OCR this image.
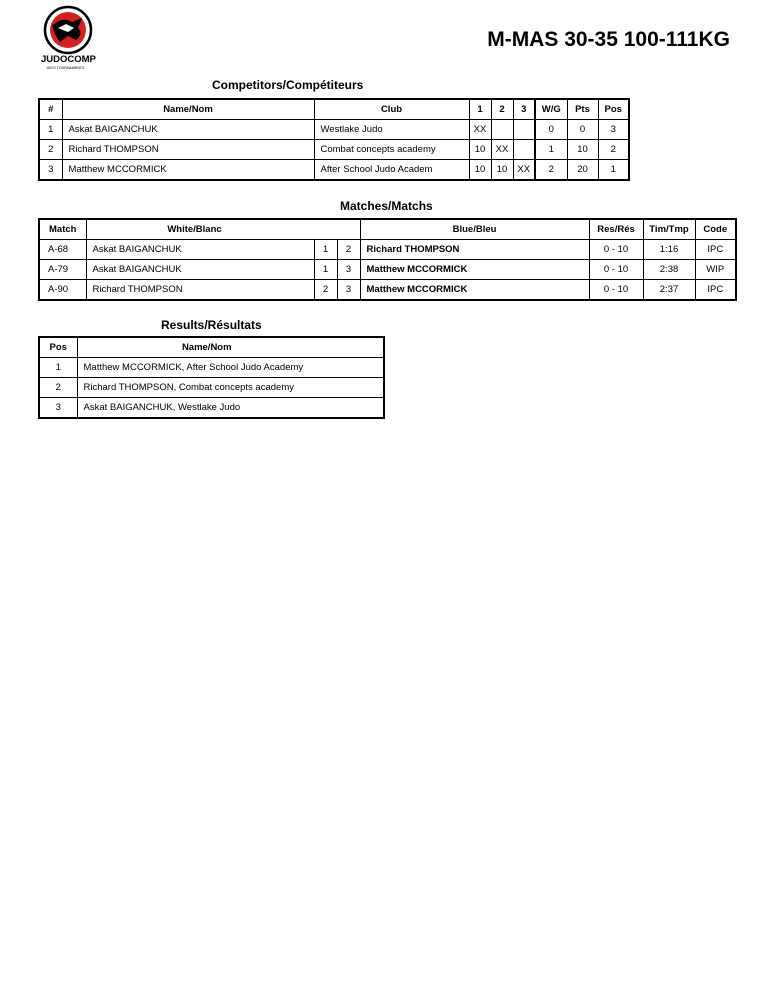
JUDOCOMP
JUDO TOURNAMENTS
M-MAS 30-35 100-111KG
Competitors/Compétiteurs
#	Name/Nom	Club	1	2	3	W/G	Pts	Pos
1	Askat BAIGANCHUK	Westlake Judo	XX			0	0	3
2	Richard THOMPSON	Combat concepts academy	10	XX		1	10	2
3	Matthew MCCORMICK	After School Judo Academ	10	10	XX	2	20	1
Matches/Matchs
Match	White/Blanc			Blue/Bleu	Res/Rés	Tim/Tmp	Code
A-68	Askat BAIGANCHUK	1	2	Richard THOMPSON	0 - 10	1:16	IPC
A-79	Askat BAIGANCHUK	1	3	Matthew MCCORMICK	0 - 10	2:38	WIP
A-90	Richard THOMPSON	2	3	Matthew MCCORMICK	0 - 10	2:37	IPC
Results/Résultats
Pos	Name/Nom
1	Matthew MCCORMICK, After School Judo Academy
2	Richard THOMPSON, Combat concepts academy
3	Askat BAIGANCHUK, Westlake Judo
